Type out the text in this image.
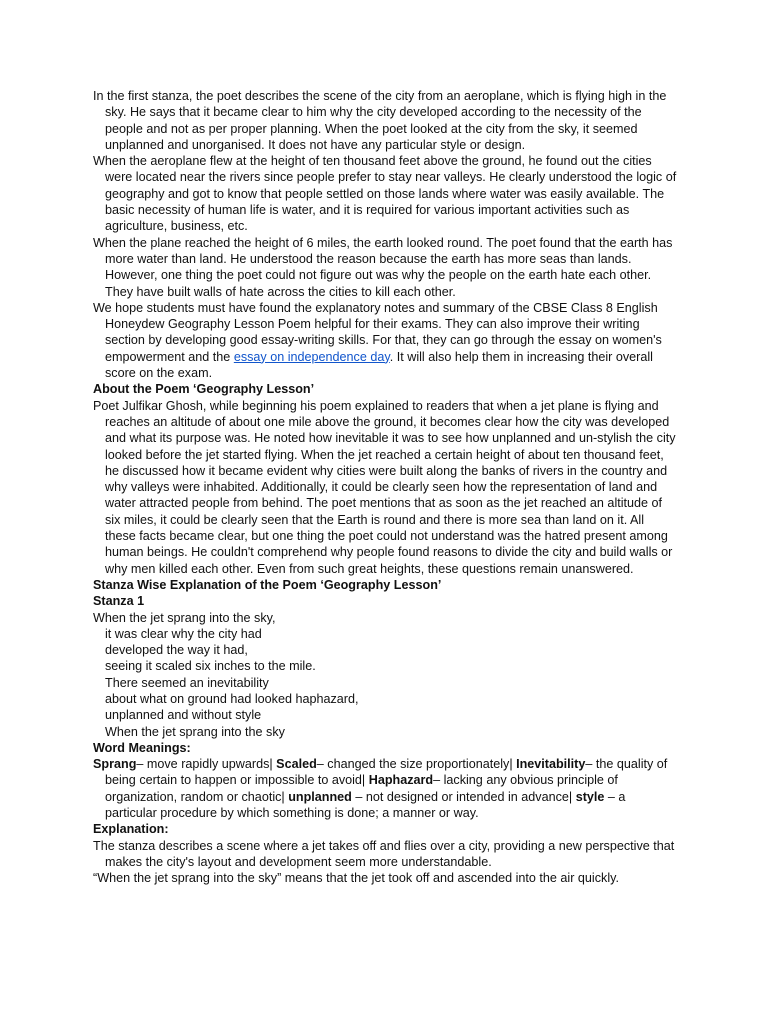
In the first stanza, the poet describes the scene of the city from an aeroplane, which is flying high in the sky. He says that it became clear to him why the city developed according to the necessity of the people and not as per proper planning. When the poet looked at the city from the sky, it seemed unplanned and unorganised. It does not have any particular style or design.

When the aeroplane flew at the height of ten thousand feet above the ground, he found out the cities were located near the rivers since people prefer to stay near valleys. He clearly understood the logic of geography and got to know that people settled on those lands where water was easily available. The basic necessity of human life is water, and it is required for various important activities such as agriculture, business, etc.

When the plane reached the height of 6 miles, the earth looked round. The poet found that the earth has more water than land. He understood the reason because the earth has more seas than lands. However, one thing the poet could not figure out was why the people on the earth hate each other. They have built walls of hate across the cities to kill each other.

We hope students must have found the explanatory notes and summary of the CBSE Class 8 English Honeydew Geography Lesson Poem helpful for their exams. They can also improve their writing section by developing good essay-writing skills. For that, they can go through the essay on women's empowerment and the essay on independence day. It will also help them in increasing their overall score on the exam.

About the Poem ‘Geography Lesson’

Poet Julfikar Ghosh, while beginning his poem explained to readers that when a jet plane is flying and reaches an altitude of about one mile above the ground, it becomes clear how the city was developed and what its purpose was. He noted how inevitable it was to see how unplanned and un-stylish the city looked before the jet started flying. When the jet reached a certain height of about ten thousand feet, he discussed how it became evident why cities were built along the banks of rivers in the country and why valleys were inhabited. Additionally, it could be clearly seen how the representation of land and water attracted people from behind. The poet mentions that as soon as the jet reached an altitude of six miles, it could be clearly seen that the Earth is round and there is more sea than land on it. All these facts became clear, but one thing the poet could not understand was the hatred present among human beings. He couldn't comprehend why people found reasons to divide the city and build walls or why men killed each other. Even from such great heights, these questions remain unanswered.

Stanza Wise Explanation of the Poem ‘Geography Lesson’

Stanza 1

When the jet sprang into the sky,

it was clear why the city had

developed the way it had,

seeing it scaled six inches to the mile.

There seemed an inevitability

about what on ground had looked haphazard,

unplanned and without style

When the jet sprang into the sky

Word Meanings:

Sprang– move rapidly upwards| Scaled– changed the size proportionately| Inevitability– the quality of being certain to happen or impossible to avoid| Haphazard– lacking any obvious principle of organization, random or chaotic| unplanned – not designed or intended in advance| style – a particular procedure by which something is done; a manner or way.

Explanation:

The stanza describes a scene where a jet takes off and flies over a city, providing a new perspective that makes the city's layout and development seem more understandable.

“When the jet sprang into the sky” means that the jet took off and ascended into the air quickly.
